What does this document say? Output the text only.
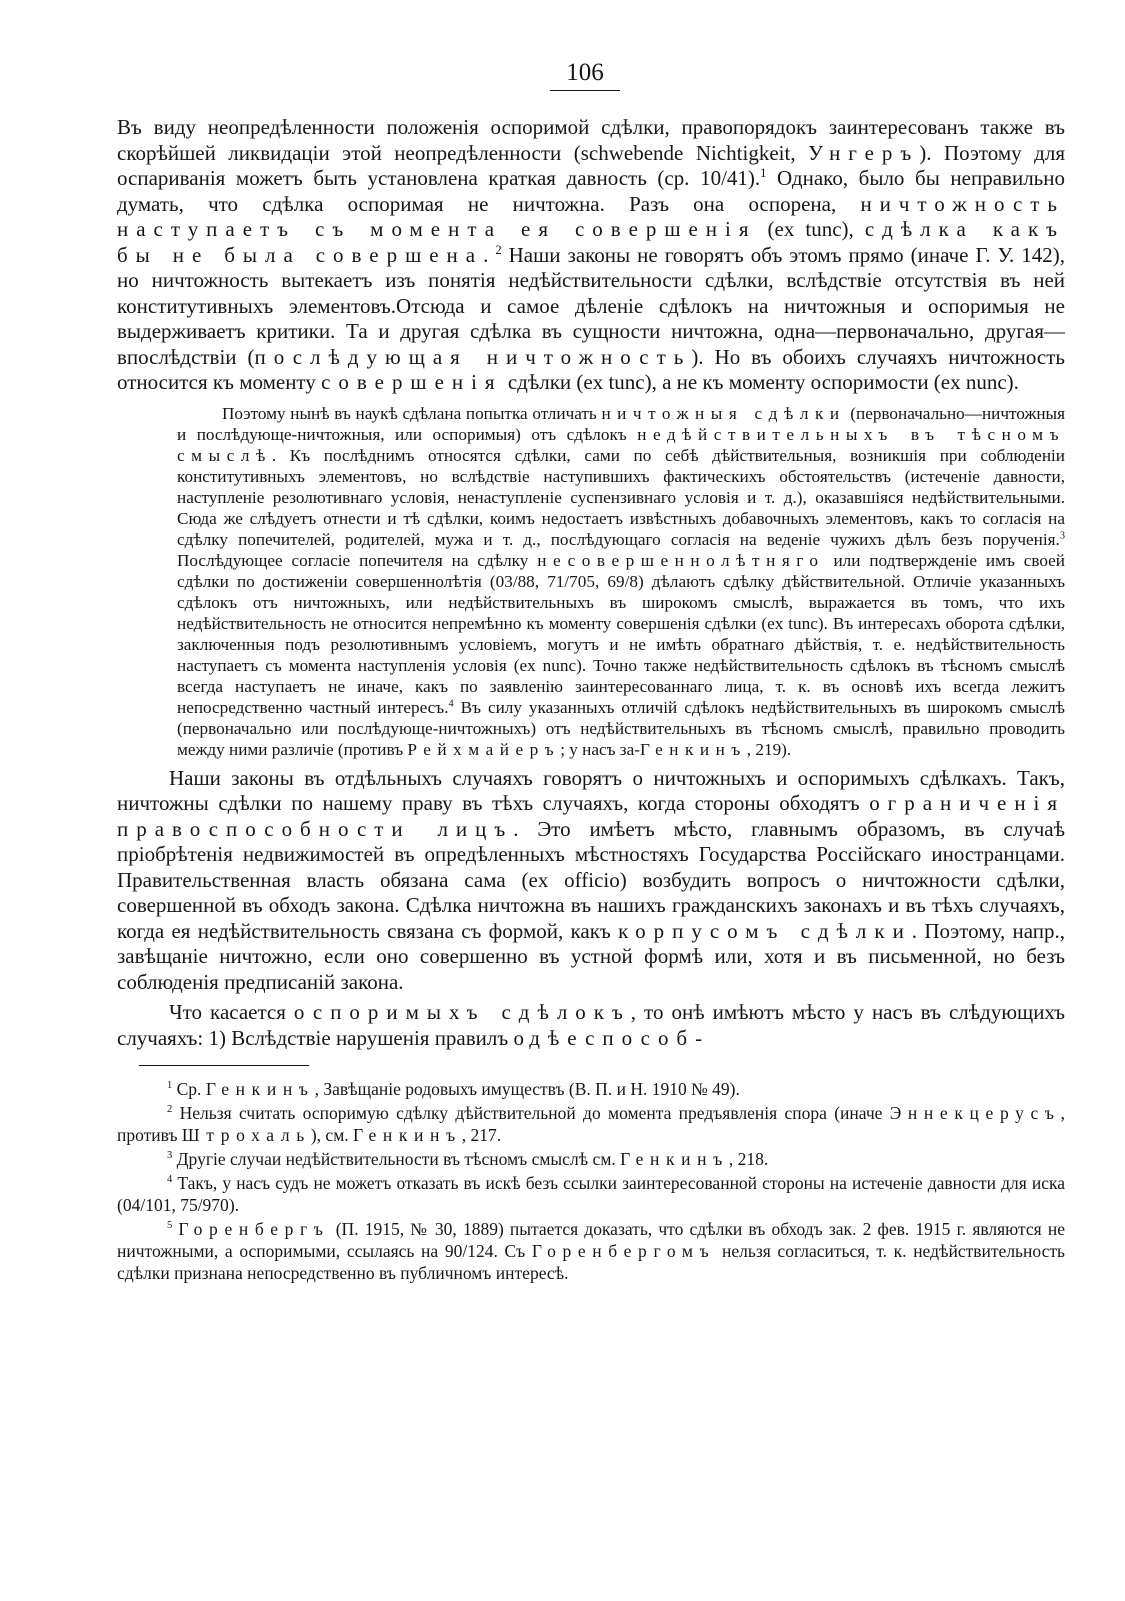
106

Въ виду неопредѣленности положенія оспоримой сдѣлки, правопорядокъ заинтересованъ также въ скорѣйшей ликвидаціи этой неопредѣленности (schwebende Nichtigkeit, Унгеръ). Поэтому для оспариванія можетъ быть установлена краткая давность (ср. 10/41).$^1$ Однако, было бы неправильно думать, что сдѣлка оспоримая не ничтожна. Разъ она оспорена, ничтожность наступаетъ съ момента ея совершенія (ex tunc), сдѣлка какъ бы не была совершена. $^2$ Наши законы не говорятъ объ этомъ прямо (иначе Г. У. 142), но ничтожность вытекаетъ изъ понятія недѣйствительности сдѣлки, вслѣдствіе отсутствія въ ней конститутивныхъ элементовъ.Отсюда и самое дѣленіе сдѣлокъ на ничтожныя и оспоримыя не выдерживаетъ критики. Та и другая сдѣлка въ сущности ничтожна, одна—первоначально, другая—впослѣдствіи (послѣдующая ничтожность). Но въ обоихъ случаяхъ ничтожность относится къ моменту совершенія сдѣлки (ex tunc), а не къ моменту оспоримости (ex nunc).

Поэтому нынѣ въ наукѣ сдѣлана попытка отличать ничтожныя сдѣлки (первоначально—ничтожныя и послѣдующе-ничтожныя, или оспоримыя) отъ сдѣлокъ недѣйствительныхъ въ тѣсномъ смыслѣ. Къ послѣднимъ относятся сдѣлки, сами по себѣ дѣйствительныя, возникшія при соблюденіи конститутивныхъ элементовъ, но вслѣдствіе наступившихъ фактическихъ обстоятельствъ (истеченіе давности, наступленіе резолютивнаго условія, ненаступленіе суспензивнаго условія и т. д.), оказавшіяся недѣйствительными. Сюда же слѣдуетъ отнести и тѣ сдѣлки, коимъ недостаетъ извѣстныхъ добавочныхъ элементовъ, какъ то согласія на сдѣлку попечителей, родителей, мужа и т. д., послѣдующаго согласія на веденіе чужихъ дѣлъ безъ порученія.$^3$ Послѣдующее согласіе попечителя на сдѣлку несовершеннолѣтняго или подтвержденіе имъ своей сдѣлки по достиженіи совершеннолѣтія (03/88, 71/705, 69/8) дѣлаютъ сдѣлку дѣйствительной. Отличіе указанныхъ сдѣлокъ отъ ничтожныхъ, или недѣйствительныхъ въ широкомъ смыслѣ, выражается въ томъ, что ихъ недѣйствительность не относится непремѣнно къ моменту совершенія сдѣлки (ex tunc). Въ интересахъ оборота сдѣлки, заключенныя подъ резолютивнымъ условіемъ, могутъ и не имѣть обратнаго дѣйствія, т. е. недѣйствительность наступаетъ съ момента наступленія условія (ex nunc). Точно также недѣйствительность сдѣлокъ въ тѣсномъ смыслѣ всегда наступаетъ не иначе, какъ по заявленію заинтересованнаго лица, т. к. въ основѣ ихъ всегда лежитъ непосредственно частный интересъ.$^4$ Въ силу указанныхъ отличій сдѣлокъ недѣйствительныхъ въ широкомъ смыслѣ (первоначально или послѣдующе-ничтожныхъ) отъ недѣйствительныхъ въ тѣсномъ смыслѣ, правильно проводить между ними различіе (противъ Рейхмайеръ; у насъ за-Генкинъ, 219).

Наши законы въ отдѣльныхъ случаяхъ говорятъ о ничтожныхъ и оспоримыхъ сдѣлкахъ. Такъ, ничтожны сдѣлки по нашему праву въ тѣхъ случаяхъ, когда стороны обходятъ ограниченія правоспособности лицъ. Это имѣетъ мѣсто, главнымъ образомъ, въ случаѣ пріобрѣтенія недвижимостей въ опредѣленныхъ мѣстностяхъ Государства Россійскаго иностранцами. Правительственная власть обязана сама (ex officio) возбудить вопросъ о ничтожности сдѣлки, совершенной въ обходъ закона. Сдѣлка ничтожна въ нашихъ гражданскихъ законахъ и въ тѣхъ случаяхъ, когда ея недѣйствительность связана съ формой, какъ корпусомъ сдѣлки. Поэтому, напр., завѣщаніе ничтожно, если оно совершенно въ устной формѣ или, хотя и въ письменной, но безъ соблюденія предписаній закона.

Что касается оспоримыхъ сдѣлокъ, то онѣ имѣютъ мѣсто у насъ въ слѣдующихъ случаяхъ: 1) Вслѣдствіе нарушенія правилъ о дѣеспособ-

$^1$ Ср. Генкинъ, Завѣщаніе родовыхъ имуществъ (В. П. и Н. 1910 № 49).

$^2$ Нельзя считать оспоримую сдѣлку дѣйствительной до момента предъявленія спора (иначе Эннекцерусъ, противъ Штрохаль), см. Генкинъ, 217.

$^3$ Другіе случаи недѣйствительности въ тѣсномъ смыслѣ см. Генкинъ, 218.

$^4$ Такъ, у насъ судъ не можетъ отказать въ искѣ безъ ссылки заинтересованной стороны на истеченіе давности для иска (04/101, 75/970).

$^5$ Горенбергъ (П. 1915, № 30, 1889) пытается доказать, что сдѣлки въ обходъ зак. 2 фев. 1915 г. являются не ничтожными, а оспоримыми, ссылаясь на 90/124. Съ Горенбергомъ нельзя согласиться, т. к. недѣйствительность сдѣлки признана непосредственно въ публичномъ интересѣ.
